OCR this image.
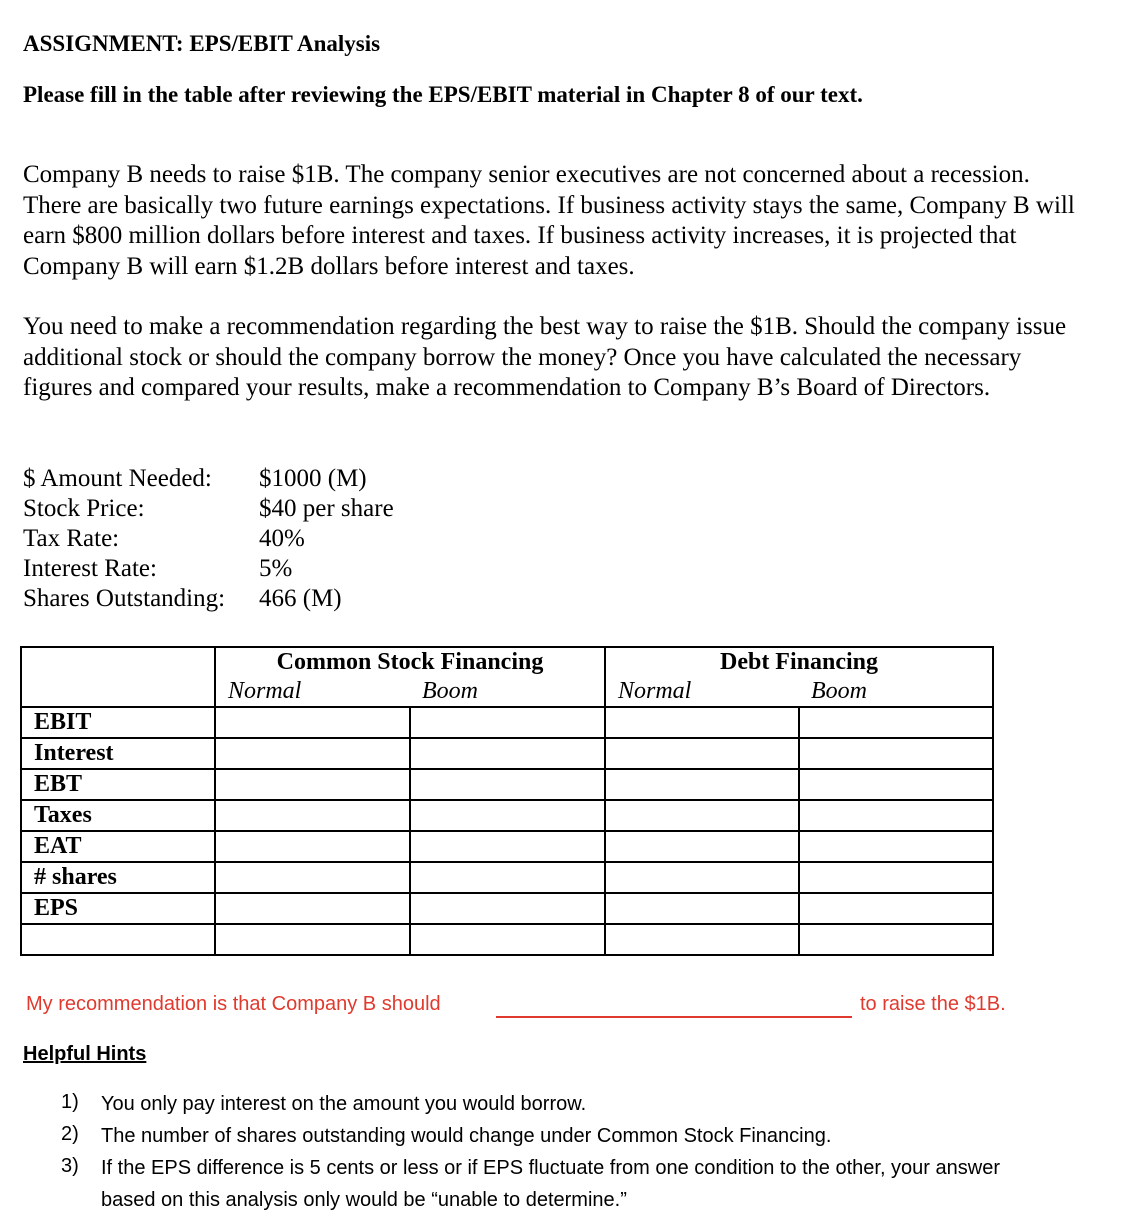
ASSIGNMENT: EPS/EBIT Analysis
Please fill in the table after reviewing the EPS/EBIT material in Chapter 8 of our text.

Company B needs to raise $1B. The company senior executives are not concerned about a recession. There are basically two future earnings expectations. If business activity stays the same, Company B will earn $800 million dollars before interest and taxes. If business activity increases, it is projected that Company B will earn $1.2B dollars before interest and taxes.

You need to make a recommendation regarding the best way to raise the $1B. Should the company issue additional stock or should the company borrow the money? Once you have calculated the necessary figures and compared your results, make a recommendation to Company B’s Board of Directors.

$ Amount Needed: $1000 (M)
Stock Price:	$40 per share
Tax Rate:	40%
Interest Rate:	5%
Shares Outstanding: 466 (M)
	Common Stock Financing		Debt Financing	
	Normal	Boom	Normal	Boom
EBIT				
Interest				
EBT				
Taxes				
EAT				
# shares				
EPS				

My recommendation is that Company B should	to raise the $1B.
Helpful Hints
1) You only pay interest on the amount you would borrow.
2) The number of shares outstanding would change under Common Stock Financing.
3) If the EPS difference is 5 cents or less or if EPS fluctuate from one condition to the other, your answer based on this analysis only would be “unable to determine.”
